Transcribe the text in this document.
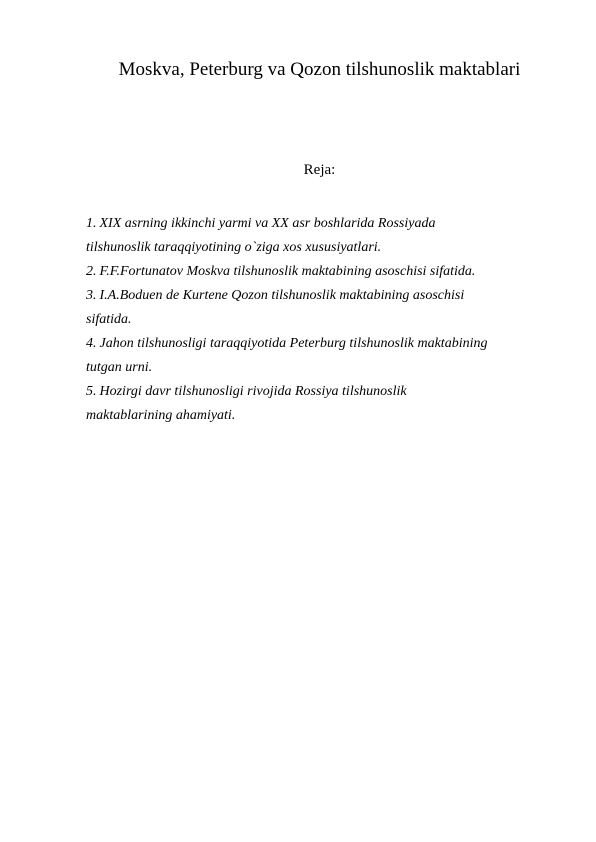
Moskva, Peterburg va Qozon tilshunoslik maktablari
Reja:
1. XIX asrning ikkinchi yarmi va XX asr boshlarida Rossiyada
tilshunoslik taraqqiyotining o`ziga xos xususiyatlari.
2. F.F.Fortunatov Moskva tilshunoslik maktabining asoschisi sifatida.
3. I.A.Boduen de Kurtene Qozon tilshunoslik maktabining asoschisi
sifatida.
4. Jahon tilshunosligi taraqqiyotida Peterburg tilshunoslik maktabining
tutgan urni.
5. Hozirgi davr tilshunosligi rivojida Rossiya tilshunoslik
maktablarining ahamiyati.
